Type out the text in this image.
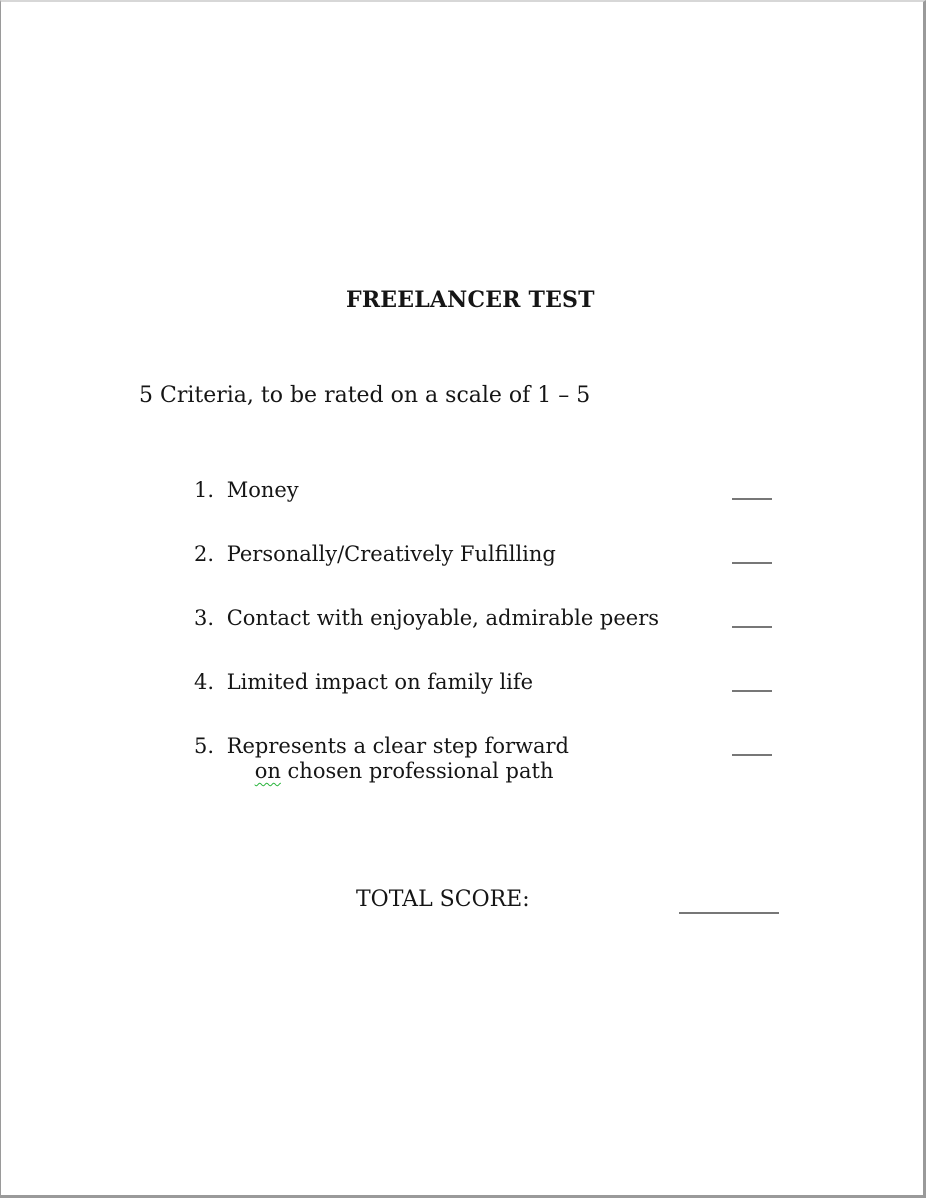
FREELANCER TEST
5 Criteria, to be rated on a scale of 1 – 5
1. Money
2. Personally/Creatively Fulfilling
3. Contact with enjoyable, admirable peers
4. Limited impact on family life
5. Represents a clear step forward
on chosen professional path
TOTAL SCORE:
